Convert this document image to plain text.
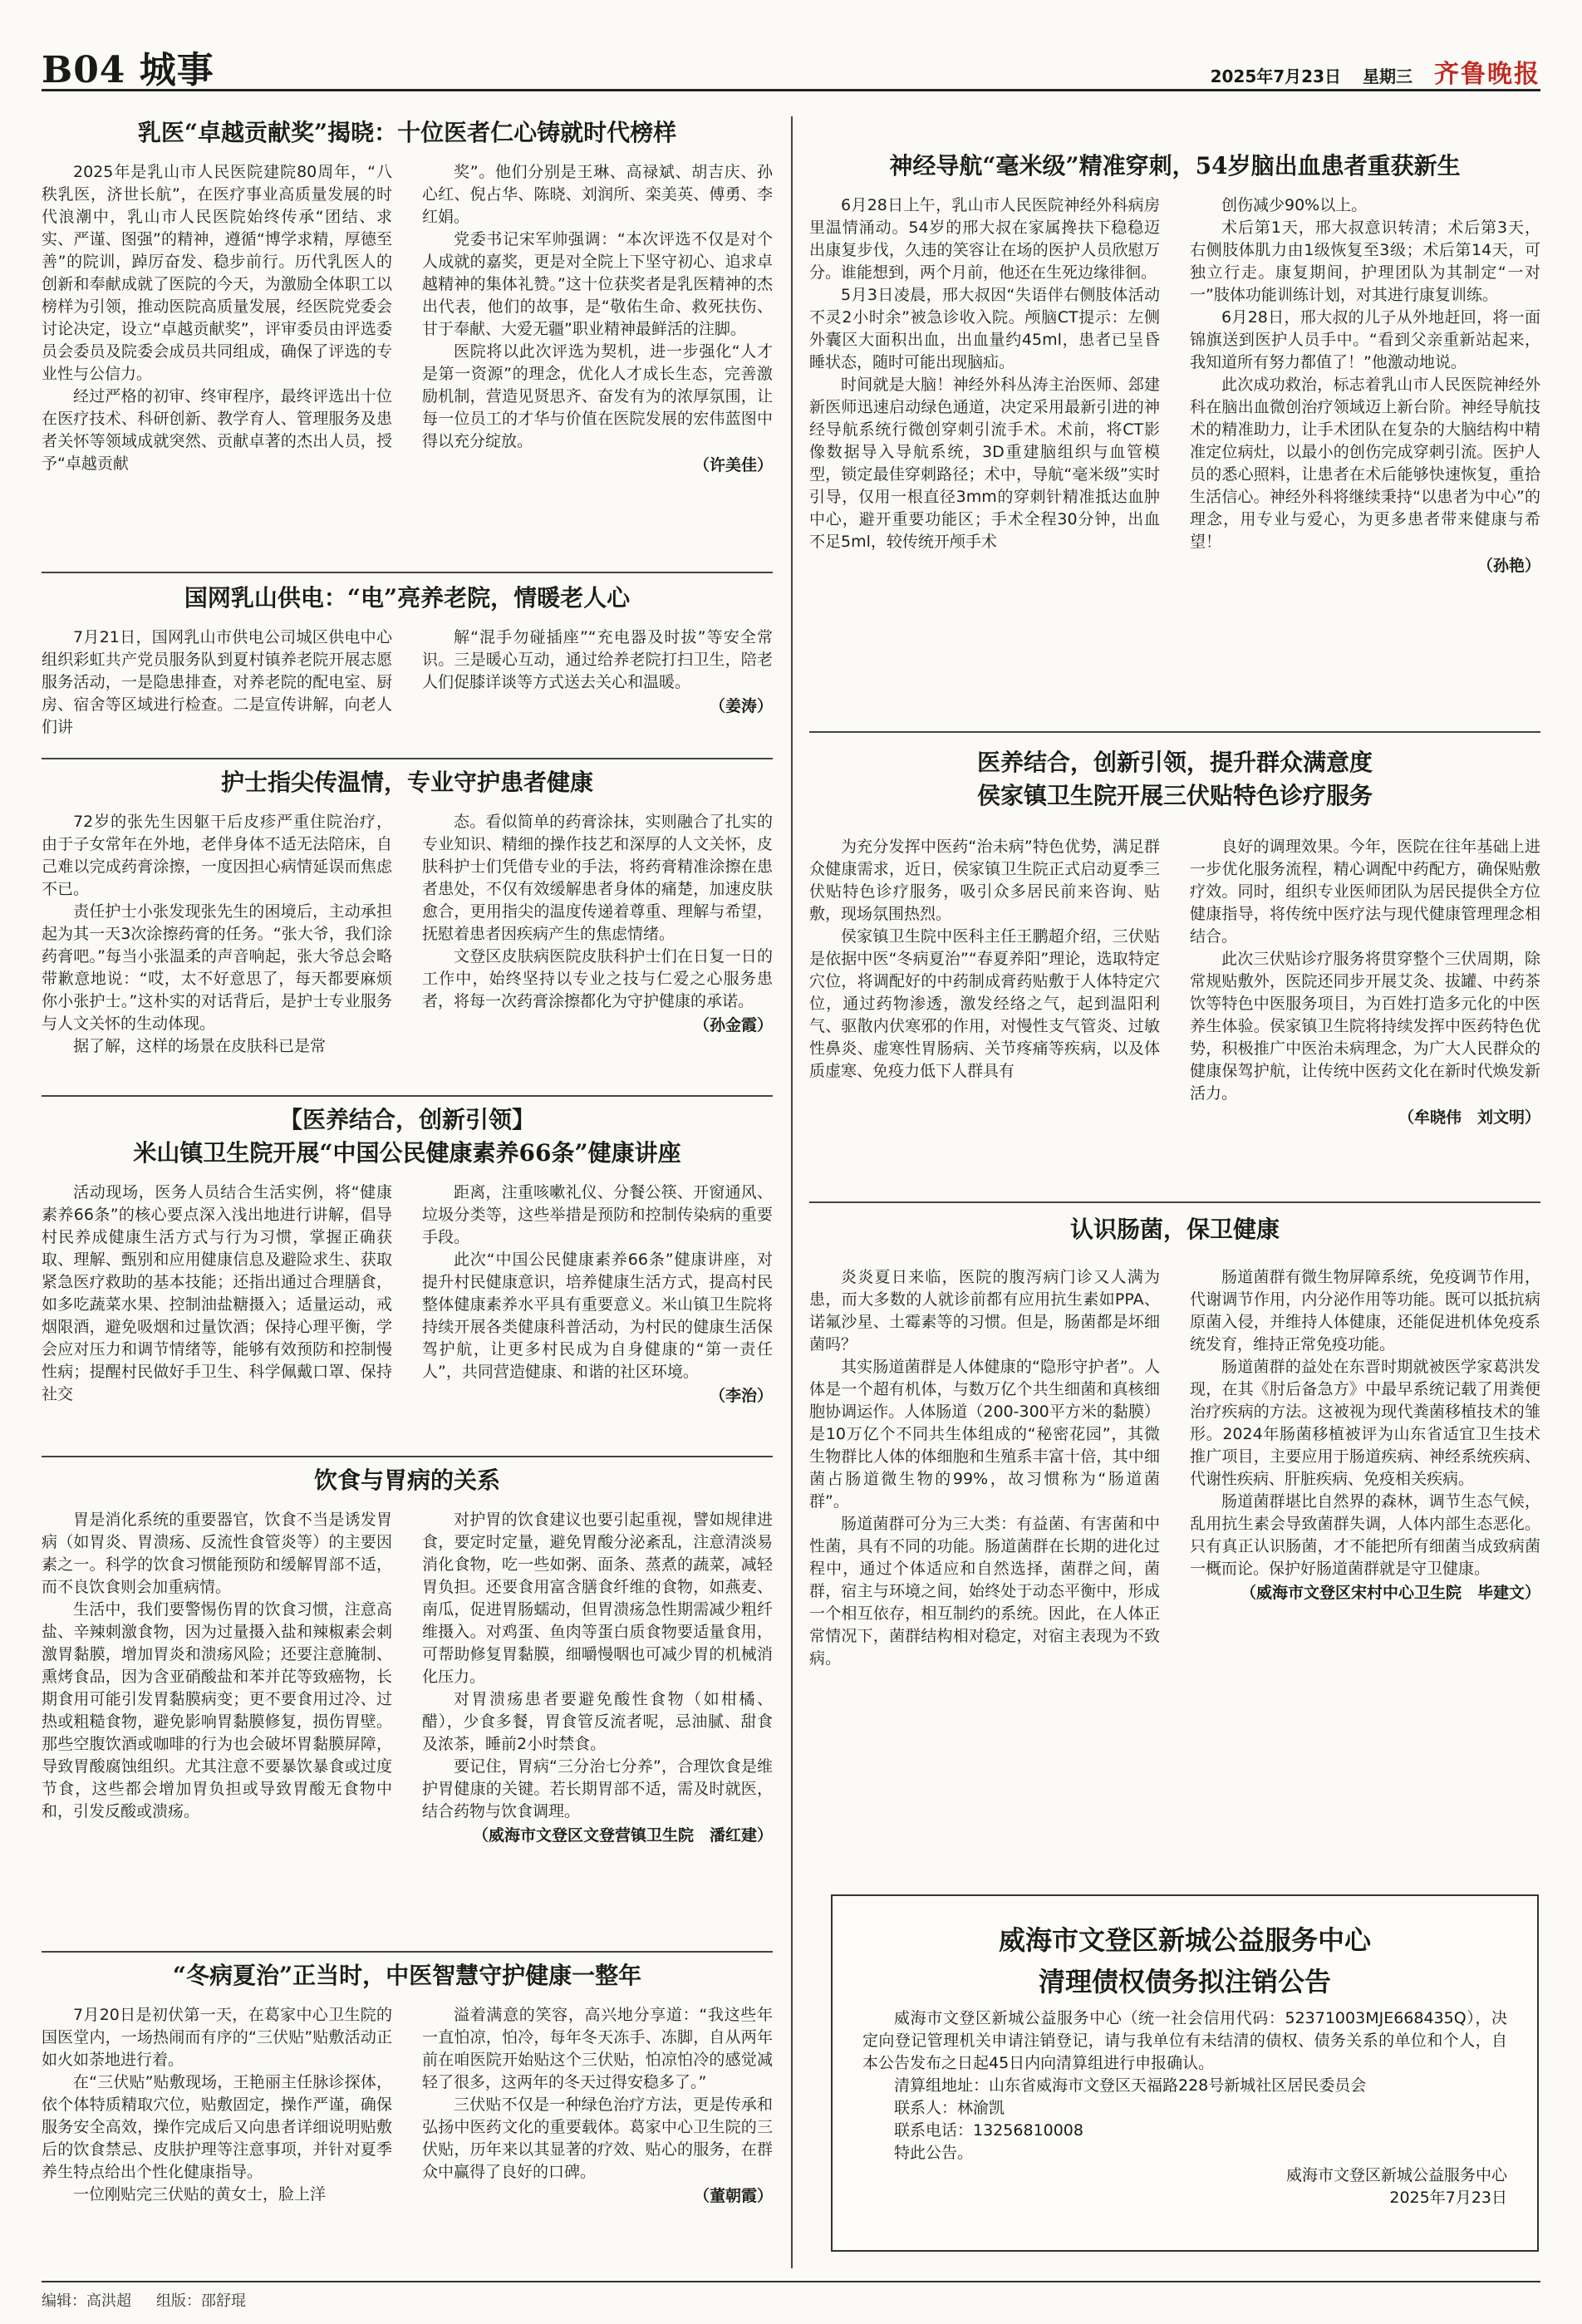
B04 城事	2025年7月23日 星期三 齐鲁晚报
乳医“卓越贡献奖”揭晓：十位医者仁心铸就时代榜样

2025年是乳山市人民医院建院80周年，“八秩乳医，济世长航”，在医疗事业高质量发展的时代浪潮中，乳山市人民医院始终传承“团结、求实、严谨、图强”的精神，遵循“博学求精，厚德至善”的院训，踔厉奋发、稳步前行。历代乳医人的创新和奉献成就了医院的今天，为激励全体职工以榜样为引领，推动医院高质量发展，经医院党委会讨论决定，设立“卓越贡献奖”，评审委员由评选委员会委员及院委会成员共同组成，确保了评选的专业性与公信力。

经过严格的初审、终审程序，最终评选出十位在医疗技术、科研创新、教学育人、管理服务及患者关怀等领域成就突然、贡献卓著的杰出人员，授予“卓越贡献

奖”。他们分别是王琳、高禄斌、胡吉庆、孙心红、倪占华、陈晓、刘润所、栾美英、傅勇、李红娟。

党委书记宋军帅强调：“本次评选不仅是对个人成就的嘉奖，更是对全院上下坚守初心、追求卓越精神的集体礼赞。”这十位获奖者是乳医精神的杰出代表，他们的故事，是“敬佑生命、救死扶伤、甘于奉献、大爱无疆”职业精神最鲜活的注脚。

医院将以此次评选为契机，进一步强化“人才是第一资源”的理念，优化人才成长生态，完善激励机制，营造见贤思齐、奋发有为的浓厚氛围，让每一位员工的才华与价值在医院发展的宏伟蓝图中得以充分绽放。

（许美佳）
国网乳山供电：“电”亮养老院，情暖老人心

7月21日，国网乳山市供电公司城区供电中心组织彩虹共产党员服务队到夏村镇养老院开展志愿服务活动，一是隐患排查，对养老院的配电室、厨房、宿舍等区域进行检查。二是宣传讲解，向老人们讲

解“混手勿碰插座”“充电器及时拔”等安全常识。三是暖心互动，通过给养老院打扫卫生，陪老人们促膝详谈等方式送去关心和温暖。

（姜涛）
护士指尖传温情，专业守护患者健康

72岁的张先生因躯干后皮疹严重住院治疗，由于子女常年在外地，老伴身体不适无法陪床，自己难以完成药膏涂擦，一度因担心病情延误而焦虑不已。

责任护士小张发现张先生的困境后，主动承担起为其一天3次涂擦药膏的任务。“张大爷，我们涂药膏吧。”每当小张温柔的声音响起，张大爷总会略带歉意地说：“哎，太不好意思了，每天都要麻烦你小张护士。”这朴实的对话背后，是护士专业服务与人文关怀的生动体现。

据了解，这样的场景在皮肤科已是常

态。看似简单的药膏涂抹，实则融合了扎实的专业知识、精细的操作技艺和深厚的人文关怀，皮肤科护士们凭借专业的手法，将药膏精准涂擦在患者患处，不仅有效缓解患者身体的痛楚，加速皮肤愈合，更用指尖的温度传递着尊重、理解与希望，抚慰着患者因疾病产生的焦虑情绪。

文登区皮肤病医院皮肤科护士们在日复一日的工作中，始终坚持以专业之技与仁爱之心服务患者，将每一次药膏涂擦都化为守护健康的承诺。

（孙金霞）
【医养结合，创新引领】
米山镇卫生院开展“中国公民健康素养66条”健康讲座

活动现场，医务人员结合生活实例，将“健康素养66条”的核心要点深入浅出地进行讲解，倡导村民养成健康生活方式与行为习惯，掌握正确获取、理解、甄别和应用健康信息及避险求生、获取紧急医疗救助的基本技能；还指出通过合理膳食，如多吃蔬菜水果、控制油盐糖摄入；适量运动，戒烟限酒，避免吸烟和过量饮酒；保持心理平衡，学会应对压力和调节情绪等，能够有效预防和控制慢性病；提醒村民做好手卫生、科学佩戴口罩、保持社交

距离，注重咳嗽礼仪、分餐公筷、开窗通风、垃圾分类等，这些举措是预防和控制传染病的重要手段。

此次“中国公民健康素养66条”健康讲座，对提升村民健康意识，培养健康生活方式，提高村民整体健康素养水平具有重要意义。米山镇卫生院将持续开展各类健康科普活动，为村民的健康生活保驾护航，让更多村民成为自身健康的“第一责任人”，共同营造健康、和谐的社区环境。

（李治）
饮食与胃病的关系

胃是消化系统的重要器官，饮食不当是诱发胃病（如胃炎、胃溃疡、反流性食管炎等）的主要因素之一。科学的饮食习惯能预防和缓解胃部不适，而不良饮食则会加重病情。

生活中，我们要警惕伤胃的饮食习惯，注意高盐、辛辣刺激食物，因为过量摄入盐和辣椒素会刺激胃黏膜，增加胃炎和溃疡风险；还要注意腌制、熏烤食品，因为含亚硝酸盐和苯并芘等致癌物，长期食用可能引发胃黏膜病变；更不要食用过冷、过热或粗糙食物，避免影响胃黏膜修复，损伤胃壁。那些空腹饮酒或咖啡的行为也会破坏胃黏膜屏障，导致胃酸腐蚀组织。尤其注意不要暴饮暴食或过度节食，这些都会增加胃负担或导致胃酸无食物中和，引发反酸或溃疡。

对护胃的饮食建议也要引起重视，譬如规律进食，要定时定量，避免胃酸分泌紊乱，注意清淡易消化食物，吃一些如粥、面条、蒸煮的蔬菜，减轻胃负担。还要食用富含膳食纤维的食物，如燕麦、南瓜，促进胃肠蠕动，但胃溃疡急性期需减少粗纤维摄入。对鸡蛋、鱼肉等蛋白质食物要适量食用，可帮助修复胃黏膜，细嚼慢咽也可减少胃的机械消化压力。

对胃溃疡患者要避免酸性食物（如柑橘、醋），少食多餐，胃食管反流者呢，忌油腻、甜食及浓茶，睡前2小时禁食。

要记住，胃病“三分治七分养”，合理饮食是维护胃健康的关键。若长期胃部不适，需及时就医，结合药物与饮食调理。

（威海市文登区文登营镇卫生院　潘红建）
“冬病夏治”正当时，中医智慧守护健康一整年

7月20日是初伏第一天，在葛家中心卫生院的国医堂内，一场热闹而有序的“三伏贴”贴敷活动正如火如荼地进行着。

在“三伏贴”贴敷现场，王艳丽主任脉诊探体，依个体特质精取穴位，贴敷固定，操作严谨，确保服务安全高效，操作完成后又向患者详细说明贴敷后的饮食禁忌、皮肤护理等注意事项，并针对夏季养生特点给出个性化健康指导。

一位刚贴完三伏贴的黄女士，脸上洋

溢着满意的笑容，高兴地分享道：“我这些年一直怕凉，怕冷，每年冬天冻手、冻脚，自从两年前在咱医院开始贴这个三伏贴，怕凉怕冷的感觉减轻了很多，这两年的冬天过得安稳多了。”

三伏贴不仅是一种绿色治疗方法，更是传承和弘扬中医药文化的重要载体。葛家中心卫生院的三伏贴，历年来以其显著的疗效、贴心的服务，在群众中赢得了良好的口碑。

（董朝霞）
神经导航“毫米级”精准穿刺，54岁脑出血患者重获新生

6月28日上午，乳山市人民医院神经外科病房里温情涌动。54岁的邢大叔在家属搀扶下稳稳迈出康复步伐，久违的笑容让在场的医护人员欣慰万分。谁能想到，两个月前，他还在生死边缘徘徊。

5月3日凌晨，邢大叔因“失语伴右侧肢体活动不灵2小时余”被急诊收入院。颅脑CT提示：左侧外囊区大面积出血，出血量约45ml，患者已呈昏睡状态，随时可能出现脑疝。

时间就是大脑！神经外科丛涛主治医师、郐建新医师迅速启动绿色通道，决定采用最新引进的神经导航系统行微创穿刺引流手术。术前，将CT影像数据导入导航系统，3D重建脑组织与血管模型，锁定最佳穿刺路径；术中，导航“毫米级”实时引导，仅用一根直径3mm的穿刺针精准抵达血肿中心，避开重要功能区；手术全程30分钟，出血不足5ml，较传统开颅手术

创伤减少90%以上。

术后第1天，邢大叔意识转清；术后第3天，右侧肢体肌力由1级恢复至3级；术后第14天，可独立行走。康复期间，护理团队为其制定“一对一”肢体功能训练计划，对其进行康复训练。

6月28日，邢大叔的儿子从外地赶回，将一面锦旗送到医护人员手中。“看到父亲重新站起来，我知道所有努力都值了！”他激动地说。

此次成功救治，标志着乳山市人民医院神经外科在脑出血微创治疗领域迈上新台阶。神经导航技术的精准助力，让手术团队在复杂的大脑结构中精准定位病灶，以最小的创伤完成穿刺引流。医护人员的悉心照料，让患者在术后能够快速恢复，重拾生活信心。神经外科将继续秉持“以患者为中心”的理念，用专业与爱心，为更多患者带来健康与希望！

（孙艳）
医养结合，创新引领，提升群众满意度
侯家镇卫生院开展三伏贴特色诊疗服务

为充分发挥中医药“治未病”特色优势，满足群众健康需求，近日，侯家镇卫生院正式启动夏季三伏贴特色诊疗服务，吸引众多居民前来咨询、贴敷，现场氛围热烈。

侯家镇卫生院中医科主任王鹏超介绍，三伏贴是依据中医“冬病夏治”“春夏养阳”理论，选取特定穴位，将调配好的中药制成膏药贴敷于人体特定穴位，通过药物渗透，激发经络之气，起到温阳利气、驱散内伏寒邪的作用，对慢性支气管炎、过敏性鼻炎、虚寒性胃肠病、关节疼痛等疾病，以及体质虚寒、免疫力低下人群具有

良好的调理效果。今年，医院在往年基础上进一步优化服务流程，精心调配中药配方，确保贴敷疗效。同时，组织专业医师团队为居民提供全方位健康指导，将传统中医疗法与现代健康管理理念相结合。

此次三伏贴诊疗服务将贯穿整个三伏周期，除常规贴敷外，医院还同步开展艾灸、拔罐、中药茶饮等特色中医服务项目，为百姓打造多元化的中医养生体验。侯家镇卫生院将持续发挥中医药特色优势，积极推广中医治未病理念，为广大人民群众的健康保驾护航，让传统中医药文化在新时代焕发新活力。

（牟晓伟　刘文明）
认识肠菌，保卫健康

炎炎夏日来临，医院的腹泻病门诊又人满为患，而大多数的人就诊前都有应用抗生素如PPA、诺氟沙星、土霉素等的习惯。但是，肠菌都是坏细菌吗？

其实肠道菌群是人体健康的“隐形守护者”。人体是一个超有机体，与数万亿个共生细菌和真核细胞协调运作。人体肠道（200-300平方米的黏膜）是10万亿个不同共生体组成的“秘密花园”，其微生物群比人体的体细胞和生殖系丰富十倍，其中细菌占肠道微生物的99%，故习惯称为“肠道菌群”。

肠道菌群可分为三大类：有益菌、有害菌和中性菌，具有不同的功能。肠道菌群在长期的进化过程中，通过个体适应和自然选择，菌群之间，菌群，宿主与环境之间，始终处于动态平衡中，形成一个相互依存，相互制约的系统。因此，在人体正常情况下，菌群结构相对稳定，对宿主表现为不致病。

肠道菌群有微生物屏障系统，免疫调节作用，代谢调节作用，内分泌作用等功能。既可以抵抗病原菌入侵，并维持人体健康，还能促进机体免疫系统发育，维持正常免疫功能。

肠道菌群的益处在东晋时期就被医学家葛洪发现，在其《肘后备急方》中最早系统记载了用粪便治疗疾病的方法。这被视为现代粪菌移植技术的雏形。2024年肠菌移植被评为山东省适宜卫生技术推广项目，主要应用于肠道疾病、神经系统疾病、代谢性疾病、肝脏疾病、免疫相关疾病。

肠道菌群堪比自然界的森林，调节生态气候，乱用抗生素会导致菌群失调，人体内部生态恶化。只有真正认识肠菌，才不能把所有细菌当成致病菌一概而论。保护好肠道菌群就是守卫健康。

（威海市文登区宋村中心卫生院　毕建文）
威海市文登区新城公益服务中心
清理债权债务拟注销公告

威海市文登区新城公益服务中心（统一社会信用代码：52371003MJE668435Q），决定向登记管理机关申请注销登记，请与我单位有未结清的债权、债务关系的单位和个人，自本公告发布之日起45日内向清算组进行申报确认。

清算组地址：山东省威海市文登区天福路228号新城社区居民委员会
联系人：林渝凯
联系电话：13256810008
特此公告。
威海市文登区新城公益服务中心
2025年7月23日
编辑：高洪超 组版：邵舒琨
